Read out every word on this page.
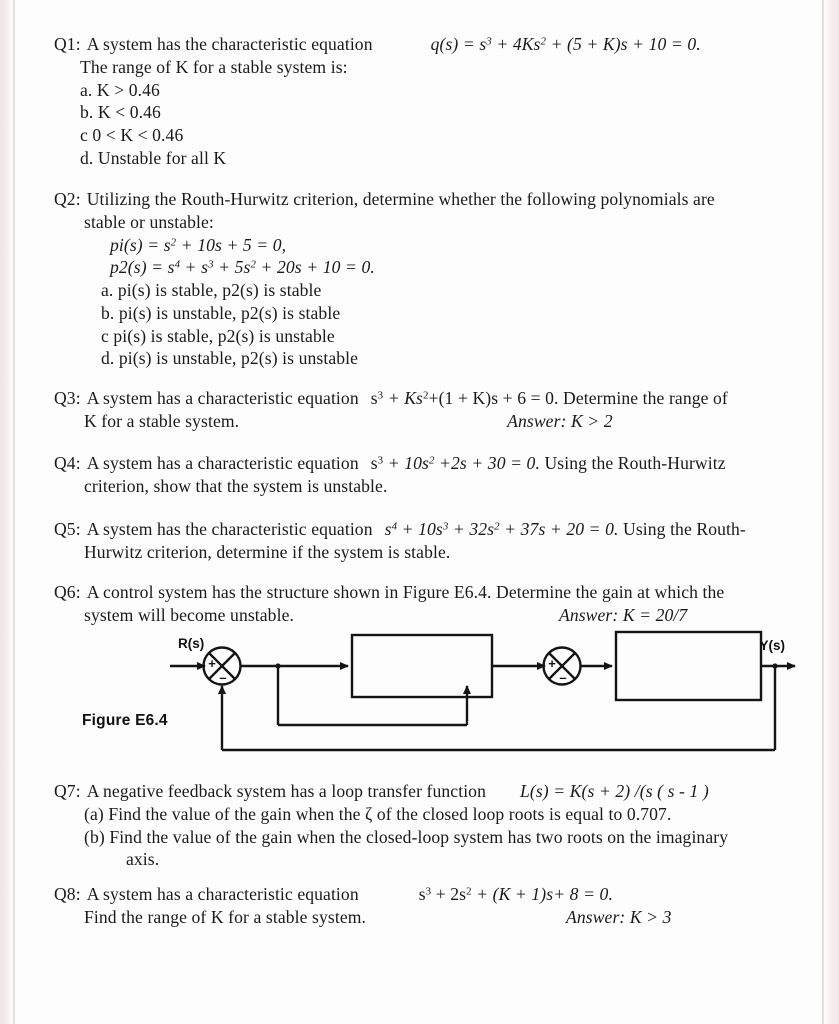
Q1: A system has the characteristic equation	$q(s) = s^3 + 4Ks^2 + (5 + K)s + 10 = 0$.
The range of K for a stable system is:
a. K > 0.46
b. K < 0.46
c 0 < K < 0.46
d. Unstable for all K
Q2: Utilizing the Routh-Hurwitz criterion, determine whether the following polynomials are
stable or unstable:
$pi(s) = s^2 + 10s + 5 = 0$,
$p2(s) = s^4 + s^3 + 5s^2 + 20s + 10 = 0$.
a. pi(s) is stable, p2(s) is stable
b. pi(s) is unstable, p2(s) is stable
c pi(s) is stable, p2(s) is unstable
d. pi(s) is unstable, p2(s) is unstable
Q3: A system has a characteristic equation $s^3 + Ks^2+(1 + K)s + 6 = 0$. Determine the range of
K for a stable system.	Answer: K > 2
Q4: A system has a characteristic equation $s^3 + 10s^2 +2s + 30 = 0$. Using the Routh-Hurwitz
criterion, show that the system is unstable.
Q5: A system has the characteristic equation $s^4 + 10s^3 + 32s^2 + 37s + 20 = 0$. Using the Routh-
Hurwitz criterion, determine if the system is stable.
Q6: A control system has the structure shown in Figure E6.4. Determine the gain at which the
system will become unstable.	Answer: K = 20/7
+
–
+
–
R(s)	Y(s)
Figure E6.4
Q7: A negative feedback system has a loop transfer function L(s) = K(s + 2) /(s ( s - 1 )
(a) Find the value of the gain when the ζ of the closed loop roots is equal to 0.707.
(b) Find the value of the gain when the closed-loop system has two roots on the imaginary
axis.
Q8: A system has a characteristic equation	$s^3 + 2s^2 + (K + 1)s+ 8 = 0$.
Find the range of K for a stable system.	Answer: K > 3
